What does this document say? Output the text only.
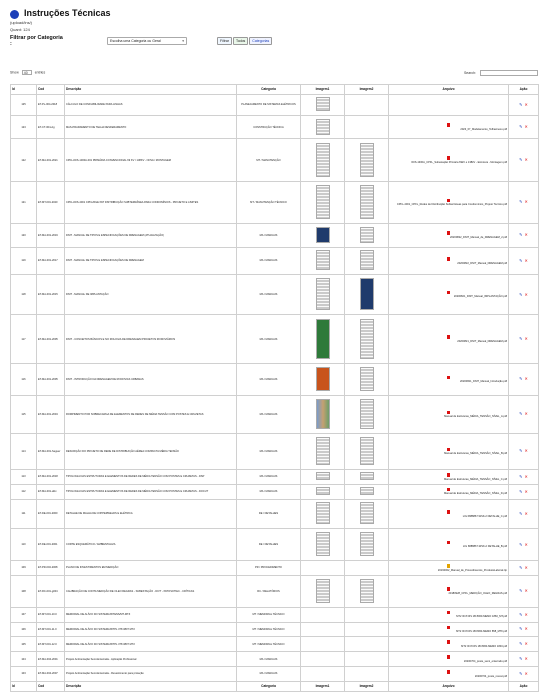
Instruções Técnicas
(upload/ins/)
Quant: 124
Filtrar por Categoria :	Escolha uma Categoria ou Geral	▾	Filtrar	Todos	Categorias
Show 40 entries	Search:
Id	Cod	Descrição	Categoria	Imagem1	Imagem2	Arquivo	Ação
125	ET-PL-004-2018	CÁLCULO DE CONFIABILIDADE PARA LINHAS	PLANEJAMENTO DE SISTEMAS ELÉTRICOS				✎ ✕
123	ET-CT-004-Ag	MAS-PRARAMENTO DE TELHA DESFERAMENTO	CONSTRUÇÃO TÉCNICA			2023_07_Modelamento_TelhaAnexo.pdf	✎ ✕
122	ET-MA-001-2021	CPFL-IDIS-1300A-001 PRIMÁRIA CONVENCIONAL 69 KV / 138KV - NOVA / MONTAGEM	MT / MANUTENÇÃO			IDIS-1300A_CPFL_Subestação Primária 69kV e 138kV - Estrutura - Montagem.pdf	✎ ✕
121	ET-MT-001-2020	CPFL-IDIS-4001 CPFL/RGE PAT DISTRIBUIÇÃO SUBTERRÂNEA PARA CONDOMÍNIOS - PROJETO E LIMITES	MT / MANUTENÇÃO TÉCNICO			CPFL-4001_CPFL_Redes de Distribuição Subterrâneas para Condomínios_Projeto Técnico.pdf	✎ ✕
120	ET-MA-001-2019	DNIT - MANUAL DE TIPOS E ESPECIFICAÇÕES DE DRENAGEM (ATUALIZAÇÃO)	MA / MANUAIS			20200822_DNIT_Manual_de_DRENAGEM_2.pdf	✎ ✕
119	ET-MA-001-2017	DNIT - MANUAL DE TIPOS E ESPECIFICAÇÕES DE DRENAGEM	MA / MANUAIS			20200822_DNIT_Manual_DRENAGEM.pdf	✎ ✕
118	ET-MA-001-2015	DNIT - MANUAL DE IMPLANTAÇÃO	MA / MANUAIS			20200821_DNIT_Manual_IMPLANTAÇÃO.pdf	✎ ✕
117	ET-MA-001-2005	DNIT - CONCEITOS BÁSICOS E NO ROLOGIA DE DRENAGEM PROJETOS RODOVIÁRIOS	MA / MANUAIS			20200821_DNIT_Manual_DRENAGEM.pdf	✎ ✕
116	ET-MA-001-2005	DNIT - INTRODUÇÃO DA DRENAGEM DE RODOVIAS URBANAS	MA / MANUAIS			20200821_DNIT_Manual_Introdução.pdf	✎ ✕
115	ET-MA-001-2004	ROMPIMENTO POR SOBRECARGA DE ELEMENTOS DE REDES DE MÉDIA TENSÃO COM POSTES E CRUZETAS	MA / MANUAIS			Manual de Estruturas_MÉDIA_TENSÃO_NÍVEL_A.pdf	✎ ✕
114	ET-MA-001-Seguer	DESCRIÇÃO DO PROJETO DE REDE DE DISTRIBUIÇÃO AÉREA COMPACTA MÉDIA TENSÃO	MA / MANUAIS			Manual de Estruturas_MÉDIA_TENSÃO_NÍVEL_B.pdf	✎ ✕
113	ET-MA-001-2018	TIPOLOGIA DAS ESTRUTURAS E ELEMENTOS DE REDES DE MÉDIA TENSÃO COM POSTES E CRUZETAS - DSP	MA / MANUAIS			Manual de Estruturas_MÉDIA_TENSÃO_NÍVEL_C.pdf	✎ ✕
112	ET-MA-001-aNx	TIPOLOGIA DAS ESTRUTURAS E ELEMENTOS DE REDES DE MÉDIA TENSÃO COM POSTES E CRUZETAS - DOCUT	MA / MANUAIS			Manual de Estruturas_MÉDIA_TENSÃO_NÍVEL_D.pdf	✎ ✕
111	ET-DE-001-2000	DETALHE DE MALHA DE COPPERWELDS E ELÉTRICA	DE / DETALHES			LIG 6888867-WSK-2 DETALHE_C.pdf	✎ ✕
110	ET-DE-001-2001	CORTE ESQUEMÁTICO / AMBIENTALIZA	DE / DETALHES			LIG 6888867-WSK-2 DETALHE_B.pdf	✎ ✕
109	ET-PR-004-2008	PLANO DE INVESTIMENTOS EM MEDIÇÃO	PR / PROCEDIMENTO			20190002_Manual_de_Procedimentos_ProdutosLaboral.zip	✎ ✕
108	ET-RC-001-g004	CALIBRAÇÃO DE CONTA MEDIÇÃO DE OLEO REGRAS - SUBESTAÇÃO - DIVT - PATOSOTIEC - CRÍTICAS	RC / RELATÓRIOS			20180928_CPFL_MEDIÇÃO_OLEO_REGRAS.pdf	✎ ✕
107	ET-MT-001-10.0	MEMORIAL DE ALÍVIO DO SISTEMA BITENS/MT-MTZ	MT / MEMORIAL TÉCNICO			MT2 ID 8 DIS 1B 8060-MEMO 1860_MT.pdf	✎ ✕
106	ET-MT-001-11.0	MEMORIAL DE ALÍVIO DO SISTEMA BITPL 378 3807 MT2	MT / MEMORIAL TÉCNICO			MT2 ID 8 DIS 1B 8060-MEMO 858_MTF.pdf	✎ ✕
105	ET-MT-001-12.0	MEMORIAL DE ALÍVIO DO SISTEMA BITPL 378 3807 MT2	MT / MEMORIAL TÉCNICO			MT2 ID 8 DIS 1B 8060-MEMO 1840.pdf	✎ ✕
104	ET-MA-004-2001	Projeto Ambientação Semi-Enterrada - Aplicação Profissional	MA / MANUAIS			20200704_poste_semi_enterrado.pdf	✎ ✕
103	ET-MA-004-2007	Projeto Ambientação Semi-Enterrada - Revestimento para proteção	MA / MANUAIS			20200704_poste_revest.pdf	✎ ✕
Id	Cod	Descrição	Categoria	Imagem1	Imagem2	Arquivo	Ação
